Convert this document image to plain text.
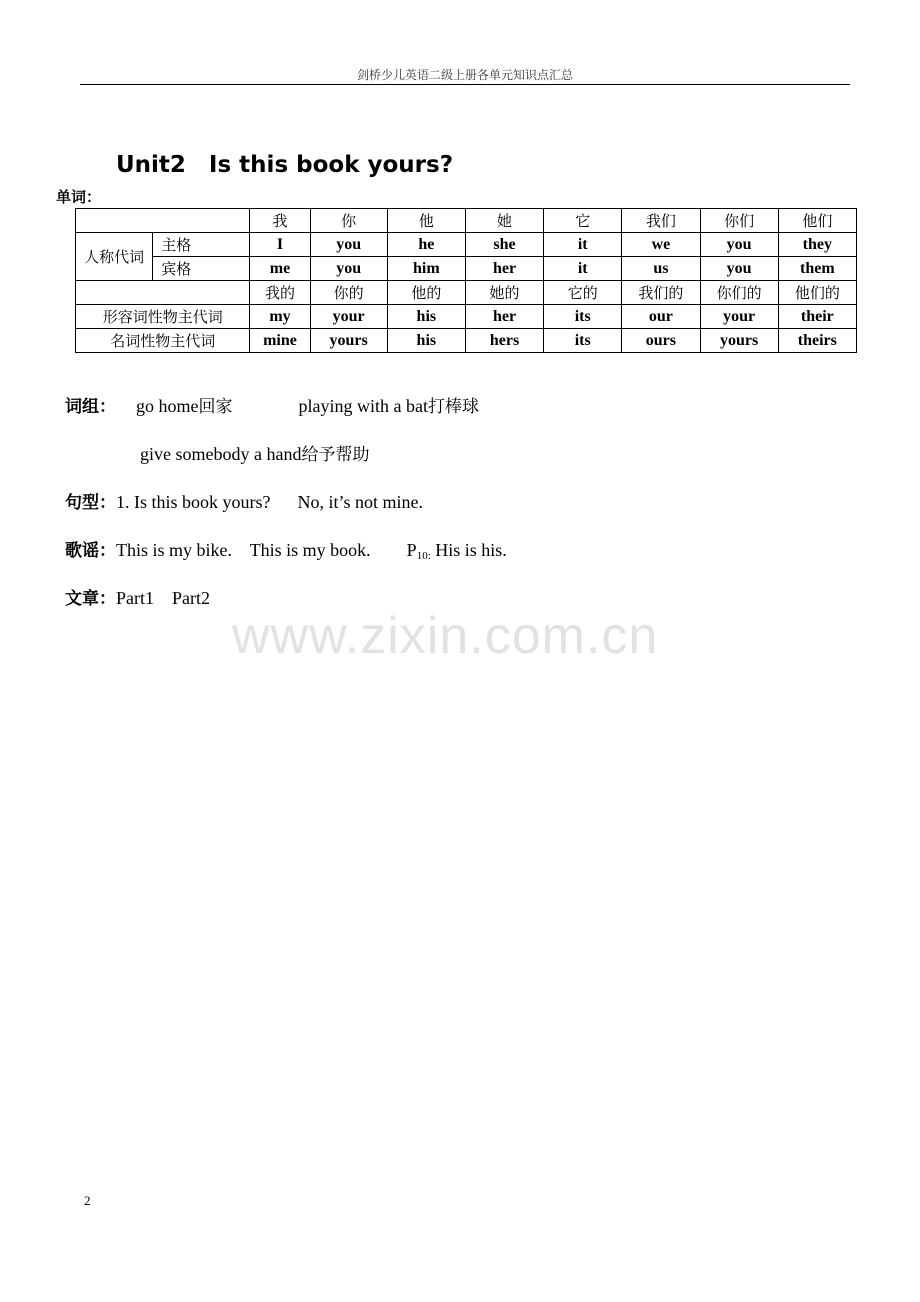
剑桥少儿英语二级上册各单元知识点汇总
Unit2　Is this book yours?
单词：
		我	你	他	她	它	我们	你们	他们
人称代词	主格	I	you	he	she	it	we	you	they
	宾格	me	you	him	her	it	us	you	them
		我的	你的	他的	她的	它的	我们的	你们的	他们的
形容词性物主代词		my	your	his	her	its	our	your	their
名词性物主代词		mine	yours	his	hers	its	ours	yours	theirs

词组： go home回家	playing with a bat打棒球

give somebody a hand给予帮助

句型：1. Is this book yours?      No, it’s not mine.

歌谣：This is my bike.    This is my book.        $P_{10:}$ His is his.

文章：Part1    Part2

www.zixin.com.cn
2
